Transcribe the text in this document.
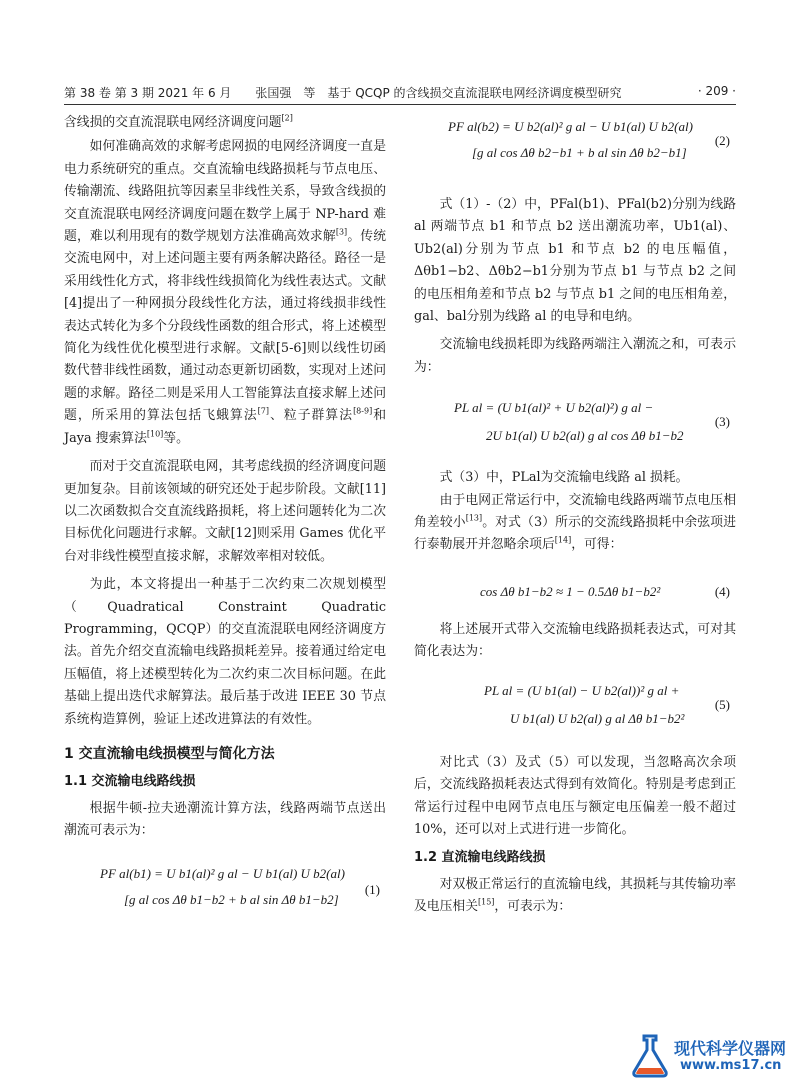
第 38 卷 第 3 期 2021 年 6 月　　张国强　等　基于 QCQP 的含线损交直流混联电网经济调度模型研究	· 209 ·

含线损的交直流混联电网经济调度问题[2]

如何准确高效的求解考虑网损的电网经济调度一直是电力系统研究的重点。交直流输电线路损耗与节点电压、传输潮流、线路阻抗等因素呈非线性关系，导致含线损的交直流混联电网经济调度问题在数学上属于 NP-hard 难题，难以利用现有的数学规划方法准确高效求解[3]。传统交流电网中，对上述问题主要有两条解决路径。路径一是采用线性化方式，将非线性线损简化为线性表达式。文献[4]提出了一种网损分段线性化方法，通过将线损非线性表达式转化为多个分段线性函数的组合形式，将上述模型简化为线性优化模型进行求解。文献[5-6]则以线性切函数代替非线性函数，通过动态更新切函数，实现对上述问题的求解。路径二则是采用人工智能算法直接求解上述问题，所采用的算法包括飞蛾算法[7]、粒子群算法[8-9]和 Jaya 搜索算法[10]等。

而对于交直流混联电网，其考虑线损的经济调度问题更加复杂。目前该领域的研究还处于起步阶段。文献[11]以二次函数拟合交直流线路损耗，将上述问题转化为二次目标优化问题进行求解。文献[12]则采用 Games 优化平台对非线性模型直接求解，求解效率相对较低。

为此，本文将提出一种基于二次约束二次规划模型（Quadratical Constraint Quadratic Programming，QCQP）的交直流混联电网经济调度方法。首先介绍交直流输电线路损耗差异。接着通过给定电压幅值，将上述模型转化为二次约束二次目标问题。在此基础上提出迭代求解算法。最后基于改进 IEEE 30 节点系统构造算例，验证上述改进算法的有效性。

1 交直流输电线损模型与简化方法
1.1 交流输电线路线损

根据牛顿-拉夫逊潮流计算方法，线路两端节点送出潮流可表示为：

PF al(b1) = U b1(al)² g al − U b1(al) U b2(al)
[g al cos Δθ b1−b2 + b al sin Δθ b1−b2]
(1)
PF al(b2) = U b2(al)² g al − U b1(al) U b2(al)
[g al cos Δθ b2−b1 + b al sin Δθ b2−b1]
(2)

式（1）-（2）中，PFal(b1)、PFal(b2)分别为线路 al 两端节点 b1 和节点 b2 送出潮流功率，Ub1(al)、Ub2(al)分别为节点 b1 和节点 b2 的电压幅值，Δθb1−b2、Δθb2−b1分别为节点 b1 与节点 b2 之间的电压相角差和节点 b2 与节点 b1 之间的电压相角差，gal、bal分别为线路 al 的电导和电纳。

交流输电线损耗即为线路两端注入潮流之和，可表示为：

PL al = (U b1(al)² + U b2(al)²) g al −
2U b1(al) U b2(al) g al cos Δθ b1−b2
(3)

式（3）中，PLal为交流输电线路 al 损耗。

由于电网正常运行中，交流输电线路两端节点电压相角差较小[13]。对式（3）所示的交流线路损耗中余弦项进行泰勒展开并忽略余项后[14]，可得：

cos Δθ b1−b2 ≈ 1 − 0.5Δθ b1−b2²	(4)

将上述展开式带入交流输电线路损耗表达式，可对其简化表达为：

PL al = (U b1(al) − U b2(al))² g al +
U b1(al) U b2(al) g al Δθ b1−b2²
(5)

对比式（3）及式（5）可以发现，当忽略高次余项后，交流线路损耗表达式得到有效简化。特别是考虑到正常运行过程中电网节点电压与额定电压偏差一般不超过 10%，还可以对上式进行进一步简化。

1.2 直流输电线路线损

对双极正常运行的直流输电线，其损耗与其传输功率及电压相关[15]，可表示为：

现代科学仪器网
www.ms17.cn
